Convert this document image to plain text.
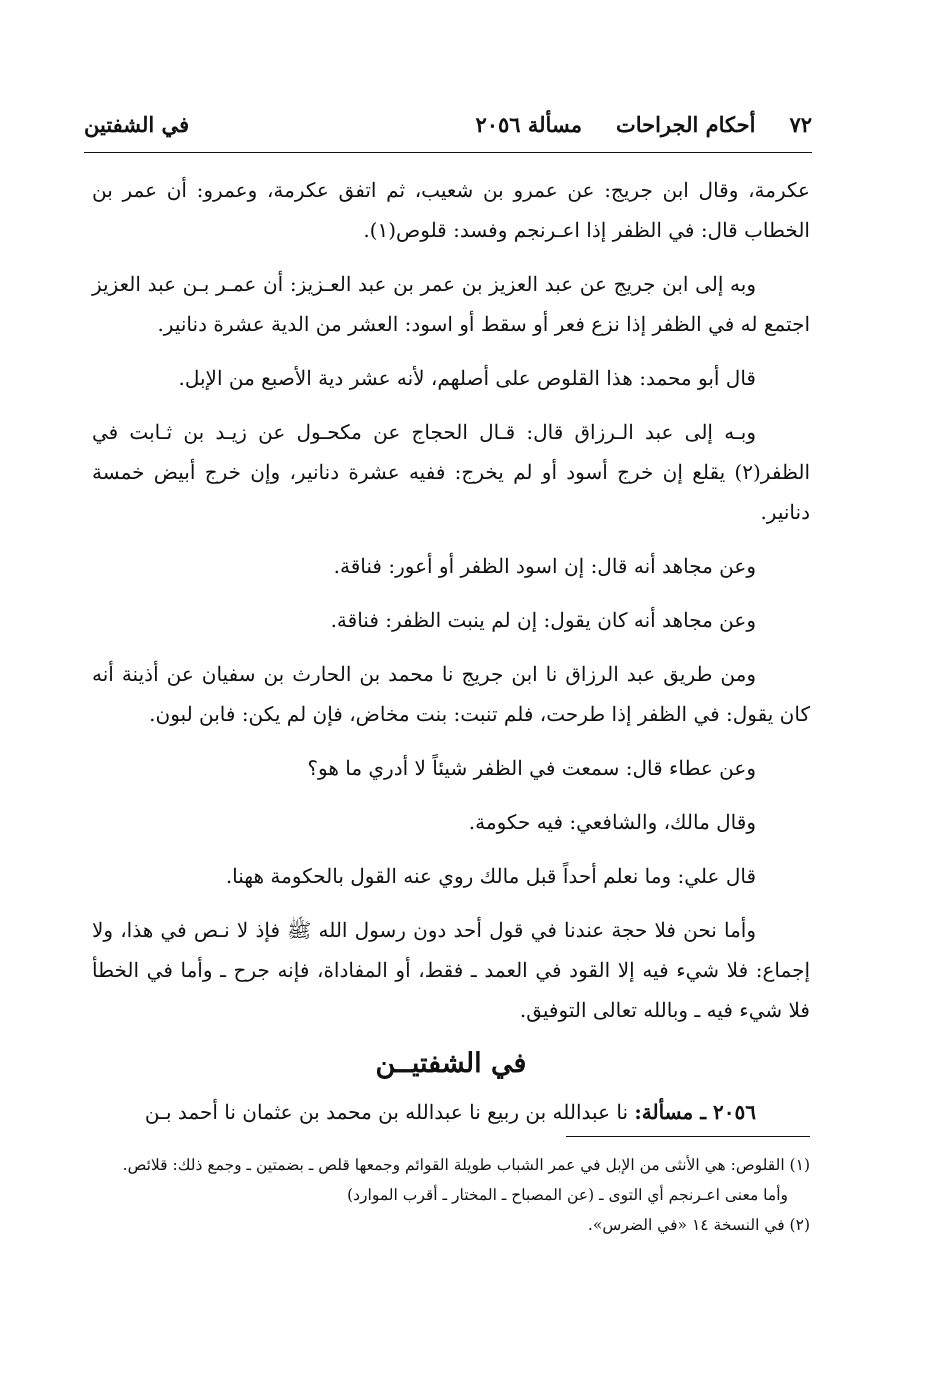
٧٢
أحكام الجراحات
مسألة ٢٠٥٦
في الشفتين

عكرمة، وقال ابن جريج: عن عمرو بن شعيب، ثم اتفق عكرمة، وعمرو: أن عمر بن الخطاب قال: في الظفر إذا اعـرنجم وفسد: قلوص(١).

وبه إلى ابن جريج عن عبد العزيز بن عمر بن عبد العـزيز: أن عمـر بـن عبد العزيز اجتمع له في الظفر إذا نزع فعر أو سقط أو اسود: العشر من الدية عشرة دنانير.

قال أبو محمد: هذا القلوص على أصلهم، لأنه عشر دية الأصبع من الإبل.

وبـه إلى عبد الـرزاق قال: قـال الحجاج عن مكحـول عن زيـد بن ثـابت في الظفر(٢) يقلع إن خرج أسود أو لم يخرج: ففيه عشرة دنانير، وإن خرج أبيض خمسة دنانير.

وعن مجاهد أنه قال: إن اسود الظفر أو أعور: فناقة.

وعن مجاهد أنه كان يقول: إن لم ينبت الظفر: فناقة.

ومن طريق عبد الرزاق نا ابن جريج نا محمد بن الحارث بن سفيان عن أذينة أنه كان يقول: في الظفر إذا طرحت، فلم تنبت: بنت مخاض، فإن لم يكن: فابن لبون.

وعن عطاء قال: سمعت في الظفر شيئاً لا أدري ما هو؟

وقال مالك، والشافعي: فيه حكومة.

قال علي: وما نعلم أحداً قبل مالك روي عنه القول بالحكومة ههنا.

وأما نحن فلا حجة عندنا في قول أحد دون رسول الله ﷺ فإذ لا نـص في هذا، ولا إجماع: فلا شيء فيه إلا القود في العمد ـ فقط، أو المفاداة، فإنه جرح ـ وأما في الخطأ فلا شيء فيه ـ وبالله تعالى التوفيق.

في الشفتيــن

٢٠٥٦ ـ مسألة: نا عبدالله بن ربيع نا عبدالله بن محمد بن عثمان نا أحمد بـن

(١) القلوص: هي الأنثى من الإبل في عمر الشباب طويلة القوائم وجمعها قلص ـ بضمتين ـ وجمع ذلك: قلائص.

وأما معنى اعـرنجم أي التوى ـ (عن المصباح ـ المختار ـ أقرب الموارد)

(٢) في النسخة ١٤ «في الضرس».
